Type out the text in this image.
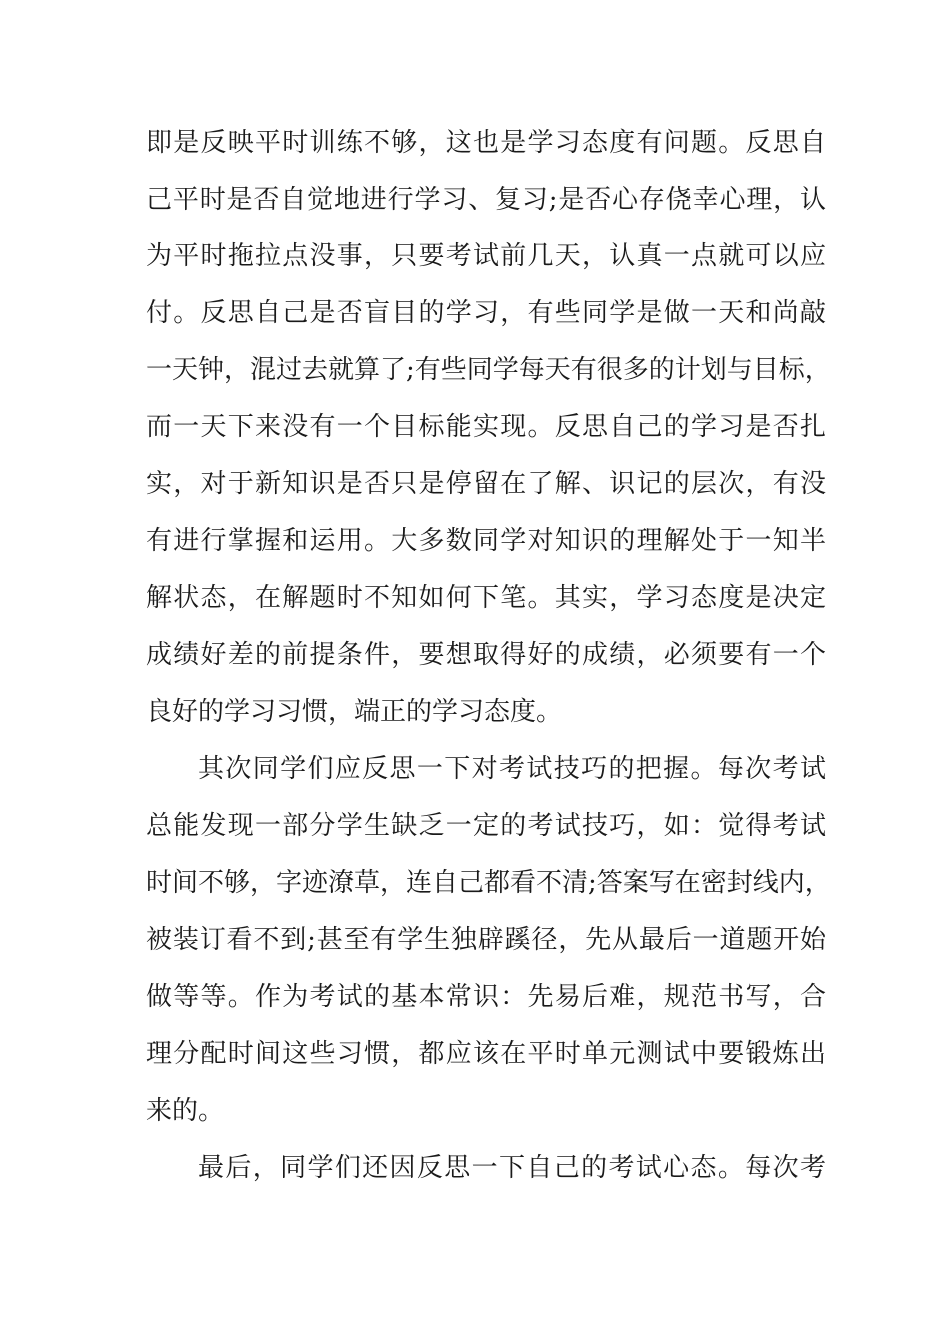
即是反映平时训练不够，这也是学习态度有问题。反思自

己平时是否自觉地进行学习、复习;是否心存侥幸心理，认

为平时拖拉点没事，只要考试前几天，认真一点就可以应

付。反思自己是否盲目的学习，有些同学是做一天和尚敲

一天钟，混过去就算了;有些同学每天有很多的计划与目标，

而一天下来没有一个目标能实现。反思自己的学习是否扎

实，对于新知识是否只是停留在了解、识记的层次，有没

有进行掌握和运用。大多数同学对知识的理解处于一知半

解状态，在解题时不知如何下笔。其实，学习态度是决定

成绩好差的前提条件，要想取得好的成绩，必须要有一个

良好的学习习惯，端正的学习态度。

其次同学们应反思一下对考试技巧的把握。每次考试

总能发现一部分学生缺乏一定的考试技巧，如：觉得考试

时间不够，字迹潦草，连自己都看不清;答案写在密封线内，

被装订看不到;甚至有学生独辟蹊径，先从最后一道题开始

做等等。作为考试的基本常识：先易后难，规范书写，合

理分配时间这些习惯，都应该在平时单元测试中要锻炼出

来的。

最后，同学们还因反思一下自己的考试心态。每次考
